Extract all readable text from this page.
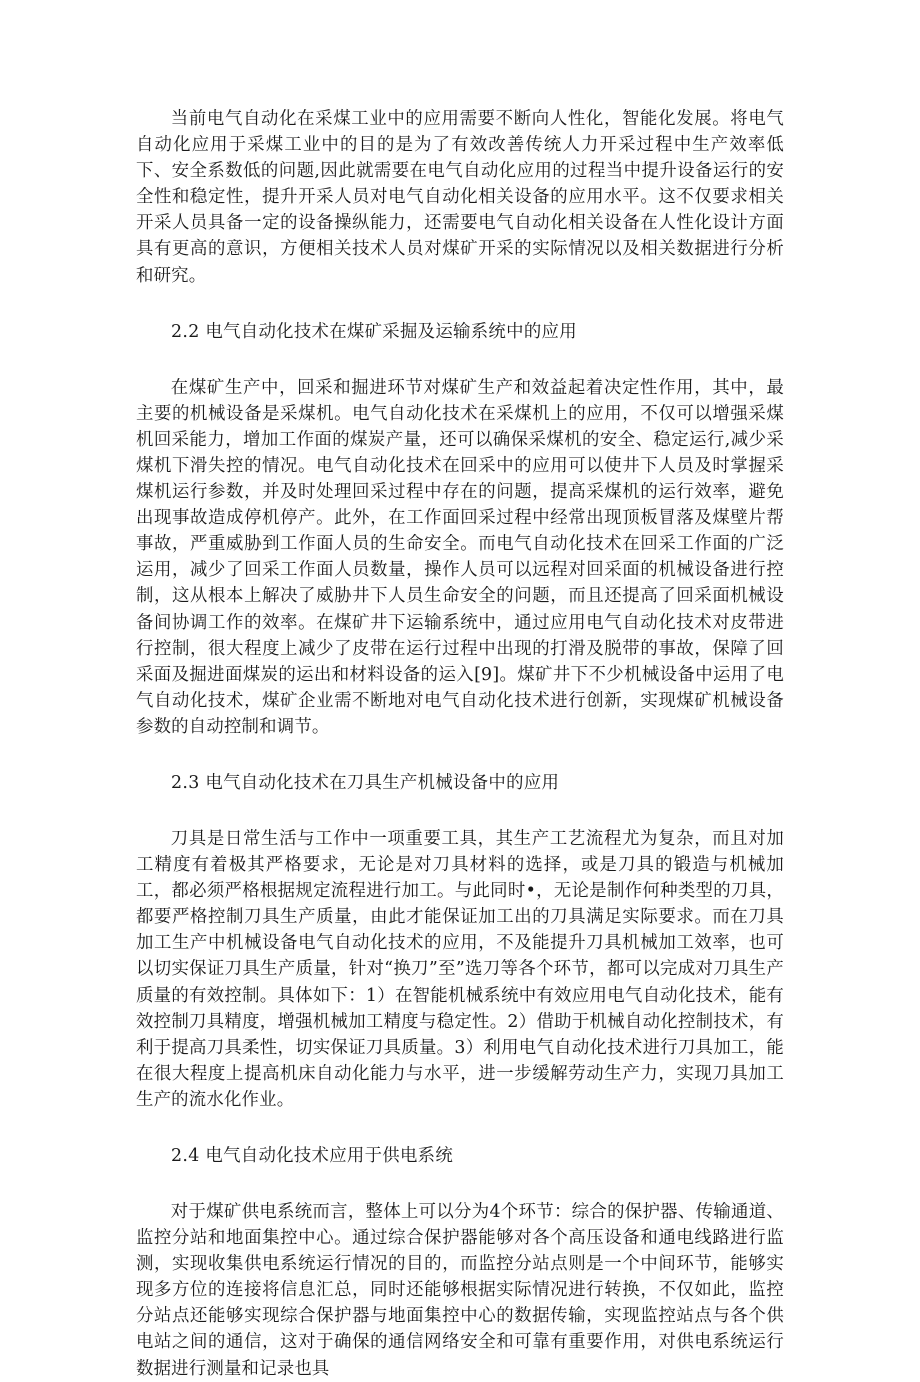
当前电气自动化在采煤工业中的应用需要不断向人性化，智能化发展。将电气自动化应用于采煤工业中的目的是为了有效改善传统人力开采过程中生产效率低下、安全系数低的问题,因此就需要在电气自动化应用的过程当中提升设备运行的安全性和稳定性，提升开采人员对电气自动化相关设备的应用水平。这不仅要求相关开采人员具备一定的设备操纵能力，还需要电气自动化相关设备在人性化设计方面具有更高的意识，方便相关技术人员对煤矿开采的实际情况以及相关数据进行分析和研究。

2.2 电气自动化技术在煤矿采掘及运输系统中的应用

在煤矿生产中，回采和掘进环节对煤矿生产和效益起着决定性作用，其中，最主要的机械设备是采煤机。电气自动化技术在采煤机上的应用，不仅可以增强采煤机回采能力，增加工作面的煤炭产量，还可以确保采煤机的安全、稳定运行,减少采煤机下滑失控的情况。电气自动化技术在回采中的应用可以使井下人员及时掌握采煤机运行参数，并及时处理回采过程中存在的问题，提高采煤机的运行效率，避免出现事故造成停机停产。此外，在工作面回采过程中经常出现顶板冒落及煤壁片帮事故，严重威胁到工作面人员的生命安全。而电气自动化技术在回采工作面的广泛运用，减少了回采工作面人员数量，操作人员可以远程对回采面的机械设备进行控制，这从根本上解决了威胁井下人员生命安全的问题，而且还提高了回采面机械设备间协调工作的效率。在煤矿井下运输系统中，通过应用电气自动化技术对皮带进行控制，很大程度上减少了皮带在运行过程中出现的打滑及脱带的事故，保障了回采面及掘进面煤炭的运出和材料设备的运入[9]。煤矿井下不少机械设备中运用了电气自动化技术，煤矿企业需不断地对电气自动化技术进行创新，实现煤矿机械设备参数的自动控制和调节。

2.3 电气自动化技术在刀具生产机械设备中的应用

刀具是日常生活与工作中一项重要工具，其生产工艺流程尤为复杂，而且对加工精度有着极其严格要求，无论是对刀具材料的选择，或是刀具的锻造与机械加工，都必须严格根据规定流程进行加工。与此同时•，无论是制作何种类型的刀具，都要严格控制刀具生产质量，由此才能保证加工出的刀具满足实际要求。而在刀具加工生产中机械设备电气自动化技术的应用，不及能提升刀具机械加工效率，也可以切实保证刀具生产质量，针对“换刀”至”选刀等各个环节，都可以完成对刀具生产质量的有效控制。具体如下：1）在智能机械系统中有效应用电气自动化技术，能有效控制刀具精度，增强机械加工精度与稳定性。2）借助于机械自动化控制技术，有利于提高刀具柔性，切实保证刀具质量。3）利用电气自动化技术进行刀具加工，能在很大程度上提高机床自动化能力与水平，进一步缓解劳动生产力，实现刀具加工生产的流水化作业。

2.4 电气自动化技术应用于供电系统

对于煤矿供电系统而言，整体上可以分为4个环节：综合的保护器、传输通道、监控分站和地面集控中心。通过综合保护器能够对各个高压设备和通电线路进行监测，实现收集供电系统运行情况的目的，而监控分站点则是一个中间环节，能够实现多方位的连接将信息汇总，同时还能够根据实际情况进行转换，不仅如此，监控分站点还能够实现综合保护器与地面集控中心的数据传输，实现监控站点与各个供电站之间的通信，这对于确保的通信网络安全和可靠有重要作用，对供电系统运行数据进行测量和记录也具
